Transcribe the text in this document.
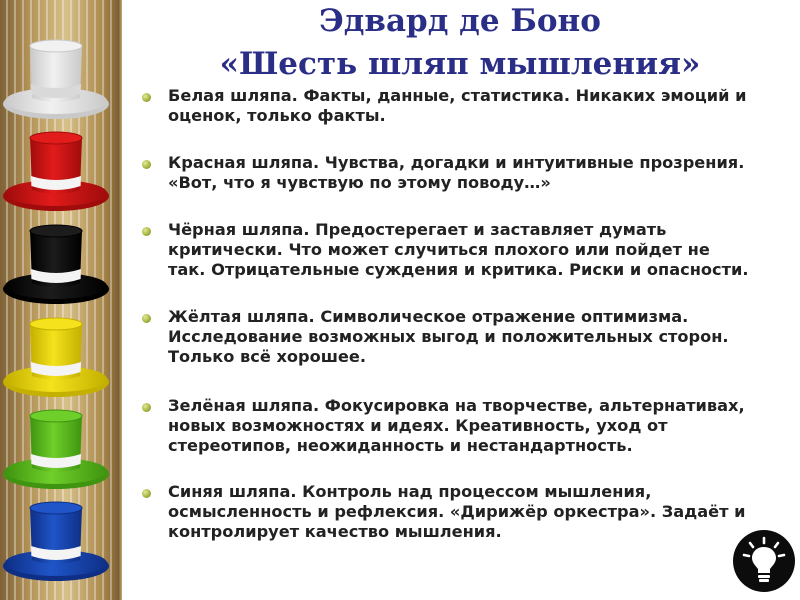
Эдвард де Боно
«Шесть шляп мышления»
Белая шляпа. Факты, данные, статистика. Никаких эмоций и
оценок, только факты.
Красная шляпа. Чувства, догадки и интуитивные прозрения.
«Вот, что я чувствую по этому поводу…»
Чёрная шляпа. Предостерегает и заставляет думать
критически. Что может случиться плохого или пойдет не
так. Отрицательные суждения и критика. Риски и опасности.
Жёлтая шляпа. Символическое отражение оптимизма.
Исследование возможных выгод и положительных сторон.
Только всё хорошее.
Зелёная шляпа. Фокусировка на творчестве, альтернативах,
новых возможностях и идеях. Креативность, уход от
стереотипов, неожиданность и нестандартность.
Синяя шляпа. Контроль над процессом мышления,
осмысленность и рефлексия. «Дирижёр оркестра». Задаёт и
контролирует качество мышления.
